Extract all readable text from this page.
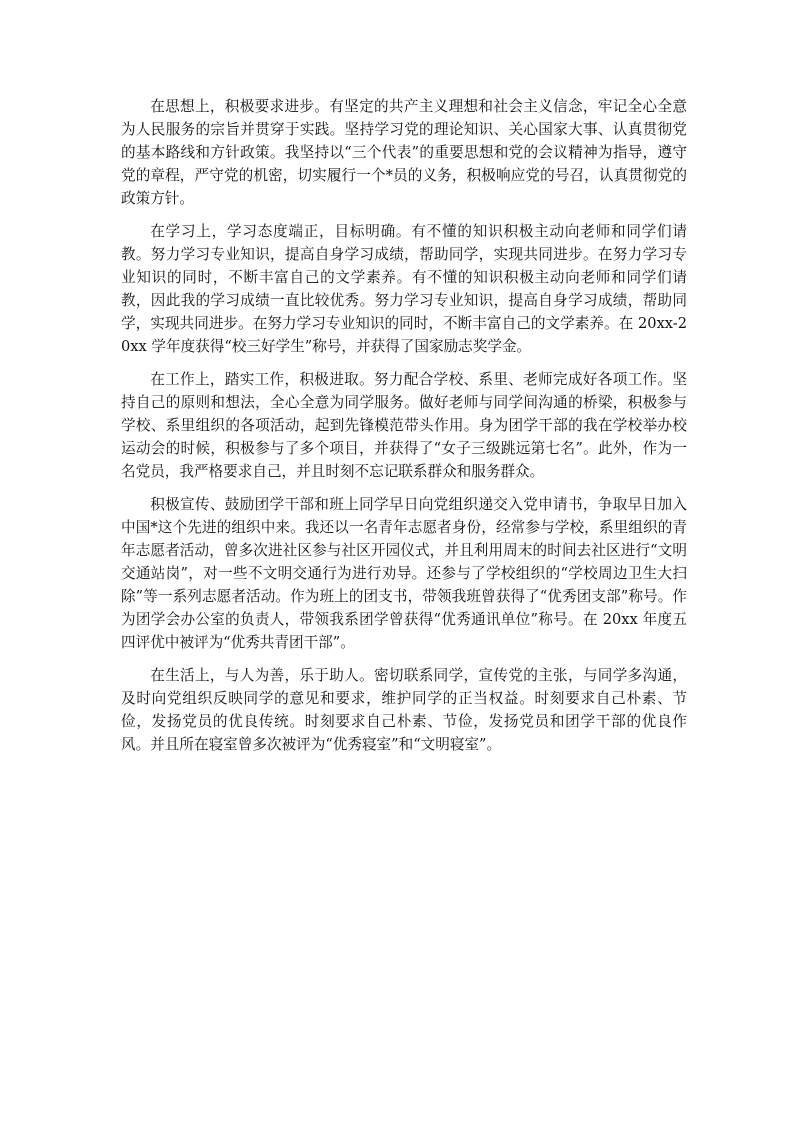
在思想上，积极要求进步。有坚定的共产主义理想和社会主义信念，牢记全心全意为人民服务的宗旨并贯穿于实践。坚持学习党的理论知识、关心国家大事、认真贯彻党的基本路线和方针政策。我坚持以“三个代表”的重要思想和党的会议精神为指导，遵守党的章程，严守党的机密，切实履行一个*员的义务，积极响应党的号召，认真贯彻党的政策方针。

在学习上，学习态度端正，目标明确。有不懂的知识积极主动向老师和同学们请教。努力学习专业知识，提高自身学习成绩，帮助同学，实现共同进步。在努力学习专业知识的同时，不断丰富自己的文学素养。有不懂的知识积极主动向老师和同学们请教，因此我的学习成绩一直比较优秀。努力学习专业知识，提高自身学习成绩，帮助同学，实现共同进步。在努力学习专业知识的同时，不断丰富自己的文学素养。在 20xx-20xx 学年度获得“校三好学生”称号，并获得了国家励志奖学金。

在工作上，踏实工作，积极进取。努力配合学校、系里、老师完成好各项工作。坚持自己的原则和想法，全心全意为同学服务。做好老师与同学间沟通的桥梁，积极参与学校、系里组织的各项活动，起到先锋模范带头作用。身为团学干部的我在学校举办校运动会的时候，积极参与了多个项目，并获得了“女子三级跳远第七名”。此外，作为一名党员，我严格要求自己，并且时刻不忘记联系群众和服务群众。

积极宣传、鼓励团学干部和班上同学早日向党组织递交入党申请书，争取早日加入中国*这个先进的组织中来。我还以一名青年志愿者身份，经常参与学校，系里组织的青年志愿者活动，曾多次进社区参与社区开园仪式，并且利用周末的时间去社区进行“文明交通站岗”，对一些不文明交通行为进行劝导。还参与了学校组织的“学校周边卫生大扫除”等一系列志愿者活动。作为班上的团支书，带领我班曾获得了“优秀团支部”称号。作为团学会办公室的负责人，带领我系团学曾获得“优秀通讯单位”称号。在 20xx 年度五四评优中被评为“优秀共青团干部”。

在生活上，与人为善，乐于助人。密切联系同学，宣传党的主张，与同学多沟通，及时向党组织反映同学的意见和要求，维护同学的正当权益。时刻要求自己朴素、节俭，发扬党员的优良传统。时刻要求自己朴素、节俭，发扬党员和团学干部的优良作风。并且所在寝室曾多次被评为“优秀寝室”和“文明寝室”。
